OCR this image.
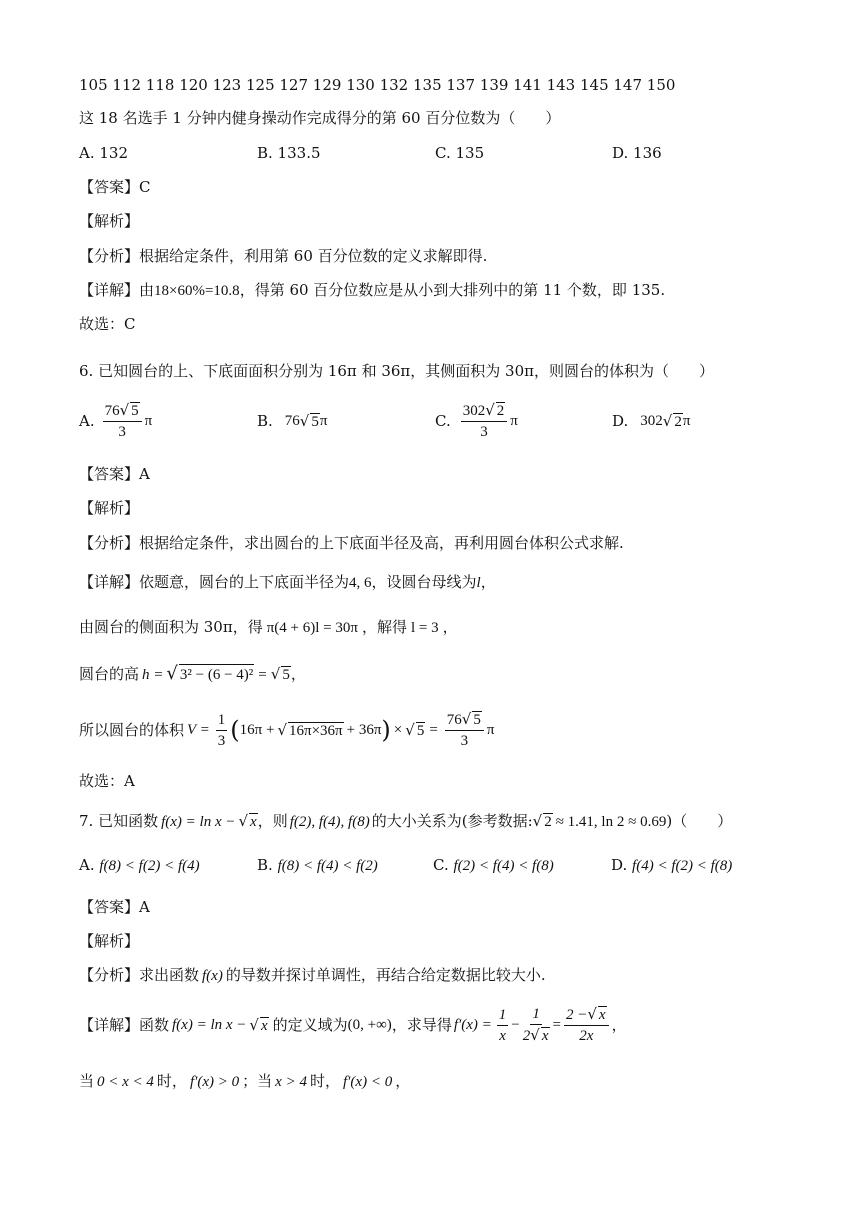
105 112 118 120 123 125 127 129 130 132 135 137 139 141 143 145 147 150
这 18 名选手 1 分钟内健身操动作完成得分的第 60 百分位数为（　　）
A. 132	B. 133.5	C. 135	D. 136
【答案】C
【解析】
【分析】根据给定条件，利用第 60 百分位数的定义求解即得.
【详解】由18×60%=10.8，得第 60 百分位数应是从小到大排列中的第 11 个数，即 135.
故选：C
6. 已知圆台的上、下底面面积分别为 16π 和 36π，其侧面积为 30π，则圆台的体积为（　　）
A. $\frac{76√ 5}{3}$ π	B. 76 √ 5 π	C. $\frac{302√ 2}{3}$ π	D. 302 √ 2 π
【答案】A
【解析】
【分析】根据给定条件，求出圆台的上下底面半径及高，再利用圆台体积公式求解.
【详解】依题意，圆台的上下底面半径为4, 6，设圆台母线为l，
由圆台的侧面积为 30π，得 π(4 + 6)l = 30π ，解得 l = 3 ，
圆台的高 h = √ 3² − (6 − 4)² = √ 5，
所以圆台的体积 $V = \frac{1}{3}$ ( 16π + √ 16π×36π + 36π ) × √ $5 = \frac{76√ 5}{3}$ π
故选：A
7. 已知函数 f(x) = ln x − √ x，则 f(2), f(4), f(8) 的大小关系为(参考数据:√ 2 ≈ 1.41, ln 2 ≈ 0.69)（　　）
A. f(8) < f(2) < f(4)	B. f(8) < f(4) < f(2)	C. f(2) < f(4) < f(8)	D. f(4) < f(2) < f(8)
【答案】A
【解析】
【分析】求出函数 f(x) 的导数并探讨单调性，再结合给定数据比较大小.
【详解】函数 f(x) = ln x − √ x 的定义域为 (0, +∞) ，求导得 $f'(x) = \frac{1}{x} - \frac{1}{2√ x} = \frac{2 -√ x}{2x}$ ，
当 0 < x < 4 时， f′(x) > 0 ；当 x > 4 时， f′(x) < 0 ，
